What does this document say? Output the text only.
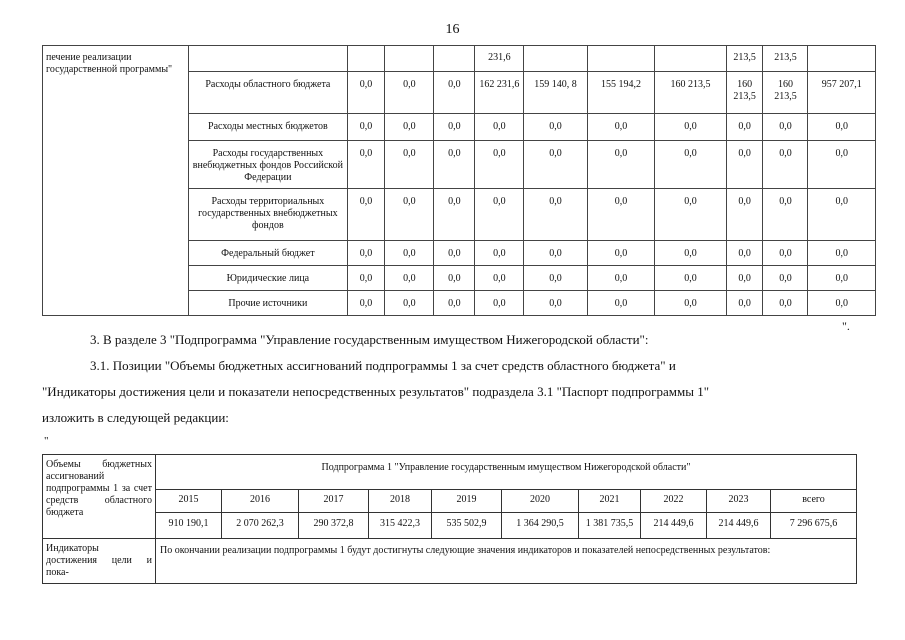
16
печение реализации государственной программы"					231,6				213,5	213,5	
	Расходы областного бюджета	0,0	0,0	0,0	162 231,6	159 140, 8	155 194,2	160 213,5	160 213,5	160 213,5	957 207,1
	Расходы местных бюджетов	0,0	0,0	0,0	0,0	0,0	0,0	0,0	0,0	0,0	0,0
	Расходы государственных внебюджетных фондов Российской Федерации	0,0	0,0	0,0	0,0	0,0	0,0	0,0	0,0	0,0	0,0
	Расходы территориальных государственных внебюджетных фондов	0,0	0,0	0,0	0,0	0,0	0,0	0,0	0,0	0,0	0,0
	Федеральный бюджет	0,0	0,0	0,0	0,0	0,0	0,0	0,0	0,0	0,0	0,0
	Юридические лица	0,0	0,0	0,0	0,0	0,0	0,0	0,0	0,0	0,0	0,0
	Прочие источники	0,0	0,0	0,0	0,0	0,0	0,0	0,0	0,0	0,0	0,0
".
3. В разделе 3 "Подпрограмма "Управление государственным имуществом Нижегородской области":
3.1. Позиции "Объемы бюджетных ассигнований подпрограммы 1 за счет средств областного бюджета" и
"Индикаторы достижения цели и показатели непосредственных результатов" подраздела 3.1 "Паспорт подпрограммы 1"
изложить в следующей редакции:
"
Объемы бюджетных ассигнований подпрограммы 1 за счет средств областного бюджета	Подпрограмма 1 "Управление государственным имуществом Нижегородской области"									
	2015	2016	2017	2018	2019	2020	2021	2022	2023	всего
	910 190,1	2 070 262,3	290 372,8	315 422,3	535 502,9	1 364 290,5	1 381 735,5	214 449,6	214 449,6	7 296 675,6
Индикаторы достижения цели и пока-	По окончании реализации подпрограммы 1 будут достигнуты следующие значения индикаторов и показателей непосредственных результатов:									
